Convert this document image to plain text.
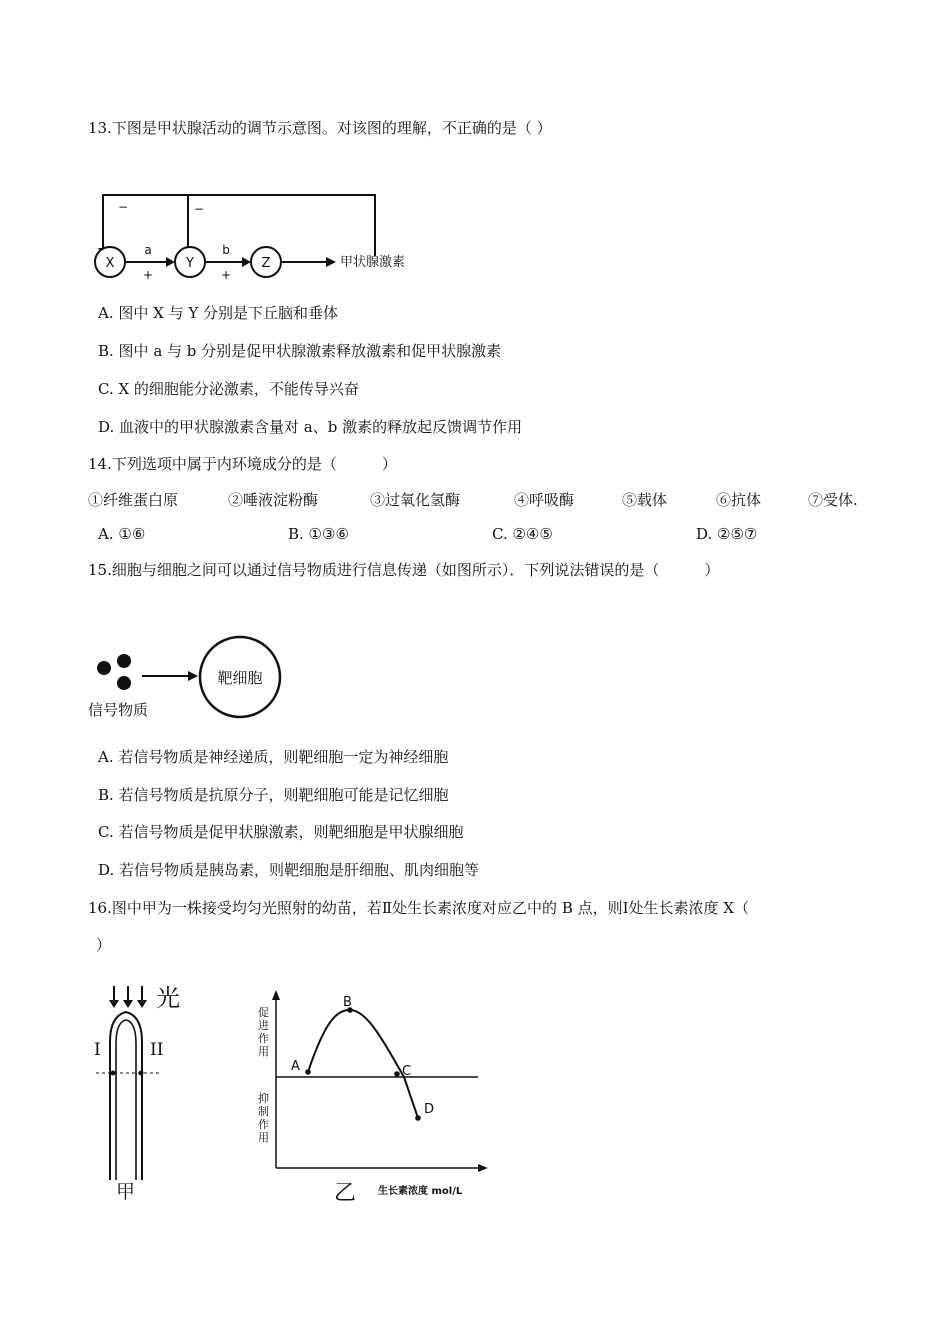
13.下图是甲状腺活动的调节示意图。对该图的理解，不正确的是（ ）
−	−
X	Y	Z
a
+
b
+
甲状腺激素
A. 图中 X 与 Y 分别是下丘脑和垂体
B. 图中 a 与 b 分别是促甲状腺激素释放激素和促甲状腺激素
C. X 的细胞能分泌激素，不能传导兴奋
D. 血液中的甲状腺激素含量对 a、b 激素的释放起反馈调节作用
14.下列选项中属于内环境成分的是（　　　）
①纤维蛋白原	②唾液淀粉酶	③过氧化氢酶	④呼吸酶	⑤载体	⑥抗体	⑦受体.
A. ①⑥	B. ①③⑥	C. ②④⑤	D. ②⑤⑦
15.细胞与细胞之间可以通过信号物质进行信息传递（如图所示）．下列说法错误的是（　　　）
靶细胞
信号物质
A. 若信号物质是神经递质，则靶细胞一定为神经细胞
B. 若信号物质是抗原分子，则靶细胞可能是记忆细胞
C. 若信号物质是促甲状腺激素，则靶细胞是甲状腺细胞
D. 若信号物质是胰岛素，则靶细胞是肝细胞、肌肉细胞等
16.图中甲为一株接受均匀光照射的幼苗，若Ⅱ处生长素浓度对应乙中的 B 点，则Ⅰ处生长素浓度 X（
）
光
I	II
甲
A
B
C
D
促进作用
抑制作用
乙 生长素浓度 mol/L
